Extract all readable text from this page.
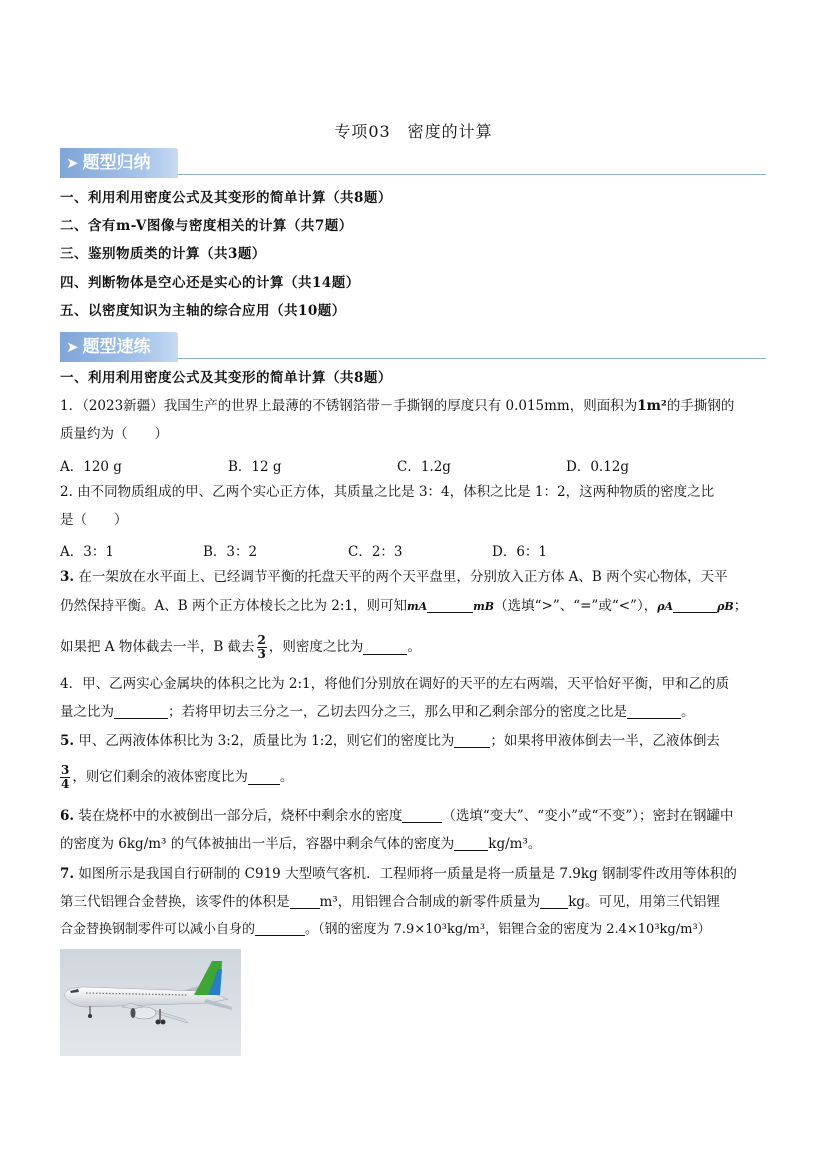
专项03　密度的计算
➤ 题型归纳
一、利用利用密度公式及其变形的简单计算（共8题）
二、含有m-V图像与密度相关的计算（共7题）
三、鉴别物质类的计算（共3题）
四、判断物体是空心还是实心的计算（共14题）
五、以密度知识为主轴的综合应用（共10题）
➤ 题型速练
一、利用利用密度公式及其变形的简单计算（共8题）
1．（2023新疆）我国生产的世界上最薄的不锈钢箔带－手撕钢的厚度只有 0.015mm，则面积为1m²的手撕钢的
质量约为（　　）
A．120 g	B．12 g	C．1.2g	D．0.12g
2. 由不同物质组成的甲、乙两个实心正方体，其质量之比是 3：4，体积之比是 1：2，这两种物质的密度之比
是（　　）
A．3：1	B．3：2	C．2：3	D．6：1
3. 在一架放在水平面上、已经调节平衡的托盘天平的两个天平盘里，分别放入正方体 A、B 两个实心物体，天平
仍然保持平衡。A、B 两个正方体棱长之比为 2:1，则可知mA	mB（选填“>”、“=”或“<”），ρA	ρB；
如果把 A 物体截去一半，B 截去 $\frac{2}{3}$ ，则密度之比为	。
4．甲、乙两实心金属块的体积之比为 2:1，将他们分别放在调好的天平的左右两端，天平恰好平衡，甲和乙的质
量之比为	；若将甲切去三分之一，乙切去四分之三，那么甲和乙剩余部分的密度之比是	。
5. 甲、乙两液体体积比为 3:2，质量比为 1:2，则它们的密度比为	；如果将甲液体倒去一半，乙液体倒去
$\frac{3}{4}$ ，则它们剩余的液体密度比为 。
6. 装在烧杯中的水被倒出一部分后，烧杯中剩余水的密度	（选填“变大”、“变小”或“不变”）；密封在钢罐中
的密度为 6kg/m³ 的气体被抽出一半后，容器中剩余气体的密度为	kg/m³。
7. 如图所示是我国自行研制的 C919 大型喷气客机．工程师将一质量是将一质量是 7.9kg 钢制零件改用等体积的
第三代铝锂合金替换，该零件的体积是 m³，用铝锂合合制成的新零件质量为 kg。可见，用第三代铝锂
合金替换钢制零件可以减小自身的	。（钢的密度为 7.9×10³kg/m³，铝锂合金的密度为 2.4×10³kg/m³）
